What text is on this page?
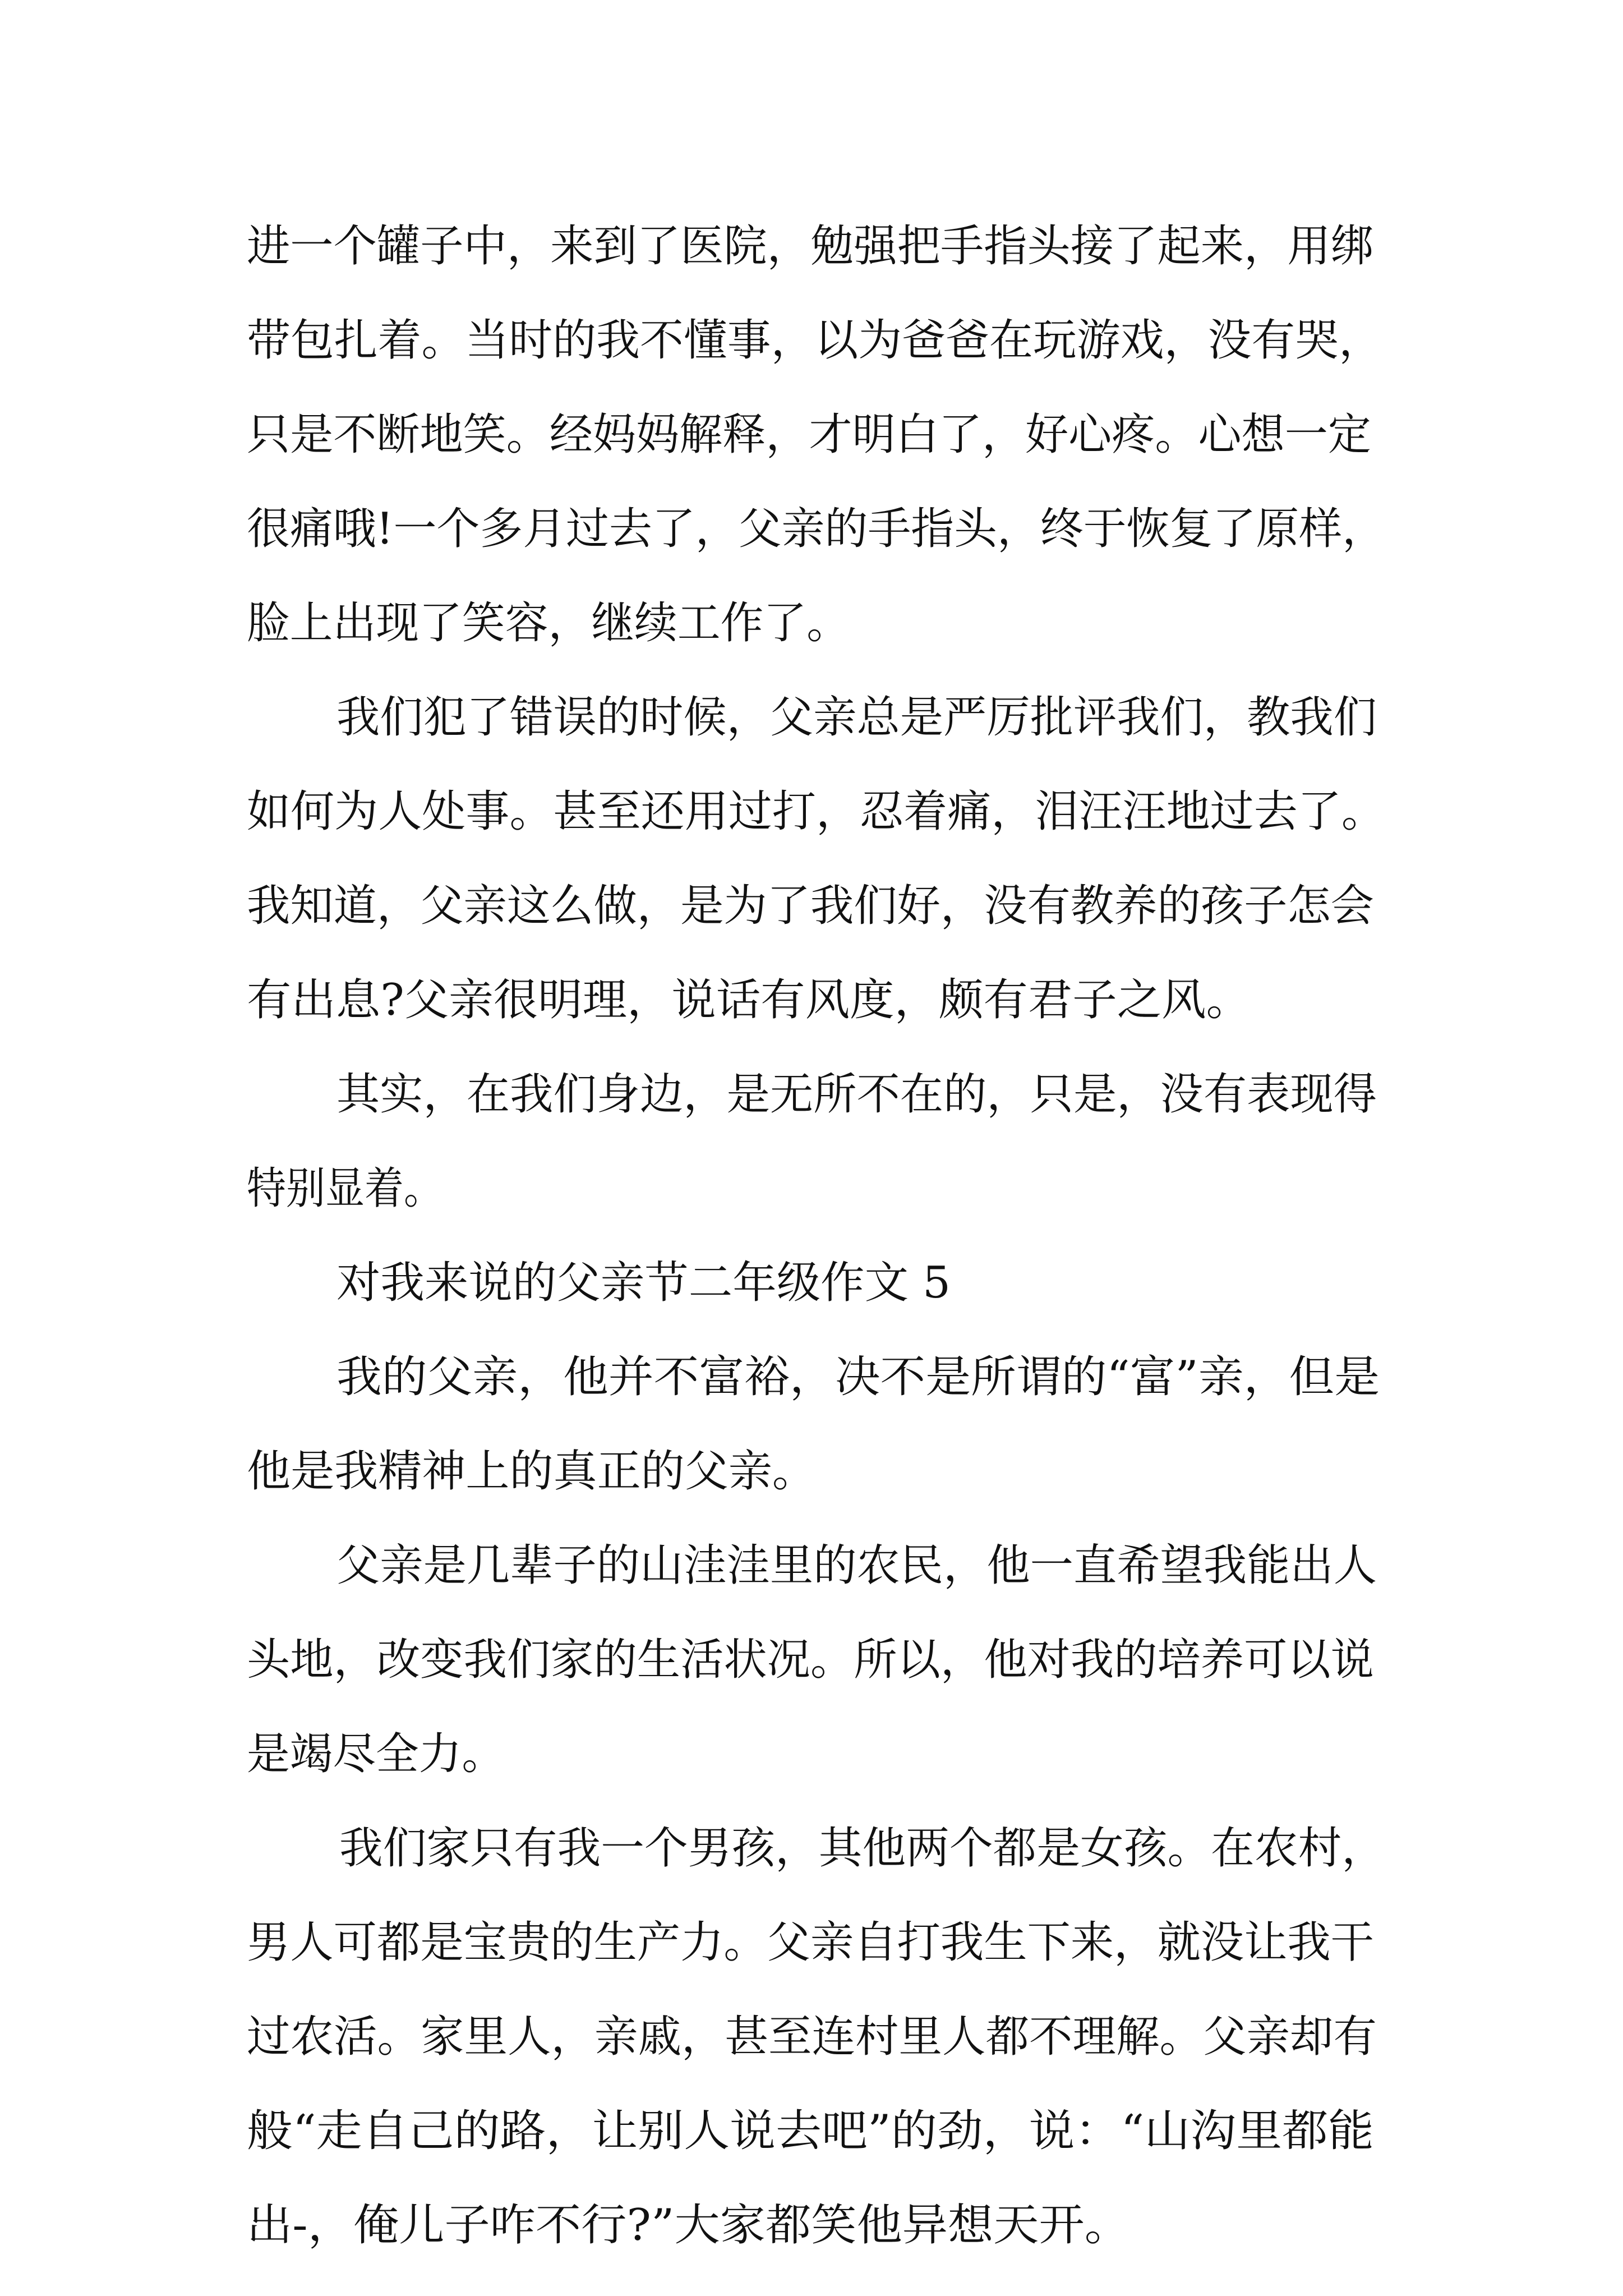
进一个罐子中，来到了医院，勉强把手指头接了起来，用绑
带包扎着。当时的我不懂事，以为爸爸在玩游戏，没有哭，
只是不断地笑。经妈妈解释，才明白了，好心疼。心想一定
很痛哦!一个多月过去了，父亲的手指头，终于恢复了原样，
脸上出现了笑容，继续工作了。
我们犯了错误的时候，父亲总是严厉批评我们，教我们
如何为人处事。甚至还用过打，忍着痛，泪汪汪地过去了。
我知道，父亲这么做，是为了我们好，没有教养的孩子怎会
有出息?父亲很明理，说话有风度，颇有君子之风。
其实，在我们身边，是无所不在的，只是，没有表现得
特别显着。
对我来说的父亲节二年级作文 5
我的父亲，他并不富裕，决不是所谓的“富”亲，但是
他是我精神上的真正的父亲。
父亲是几辈子的山洼洼里的农民，他一直希望我能出人
头地，改变我们家的生活状况。所以，他对我的培养可以说
是竭尽全力。
我们家只有我一个男孩，其他两个都是女孩。在农村，
男人可都是宝贵的生产力。父亲自打我生下来，就没让我干
过农活。家里人，亲戚，甚至连村里人都不理解。父亲却有
般“走自己的路，让别人说去吧”的劲，说：“山沟里都能
出-，俺儿子咋不行?”大家都笑他异想天开。
